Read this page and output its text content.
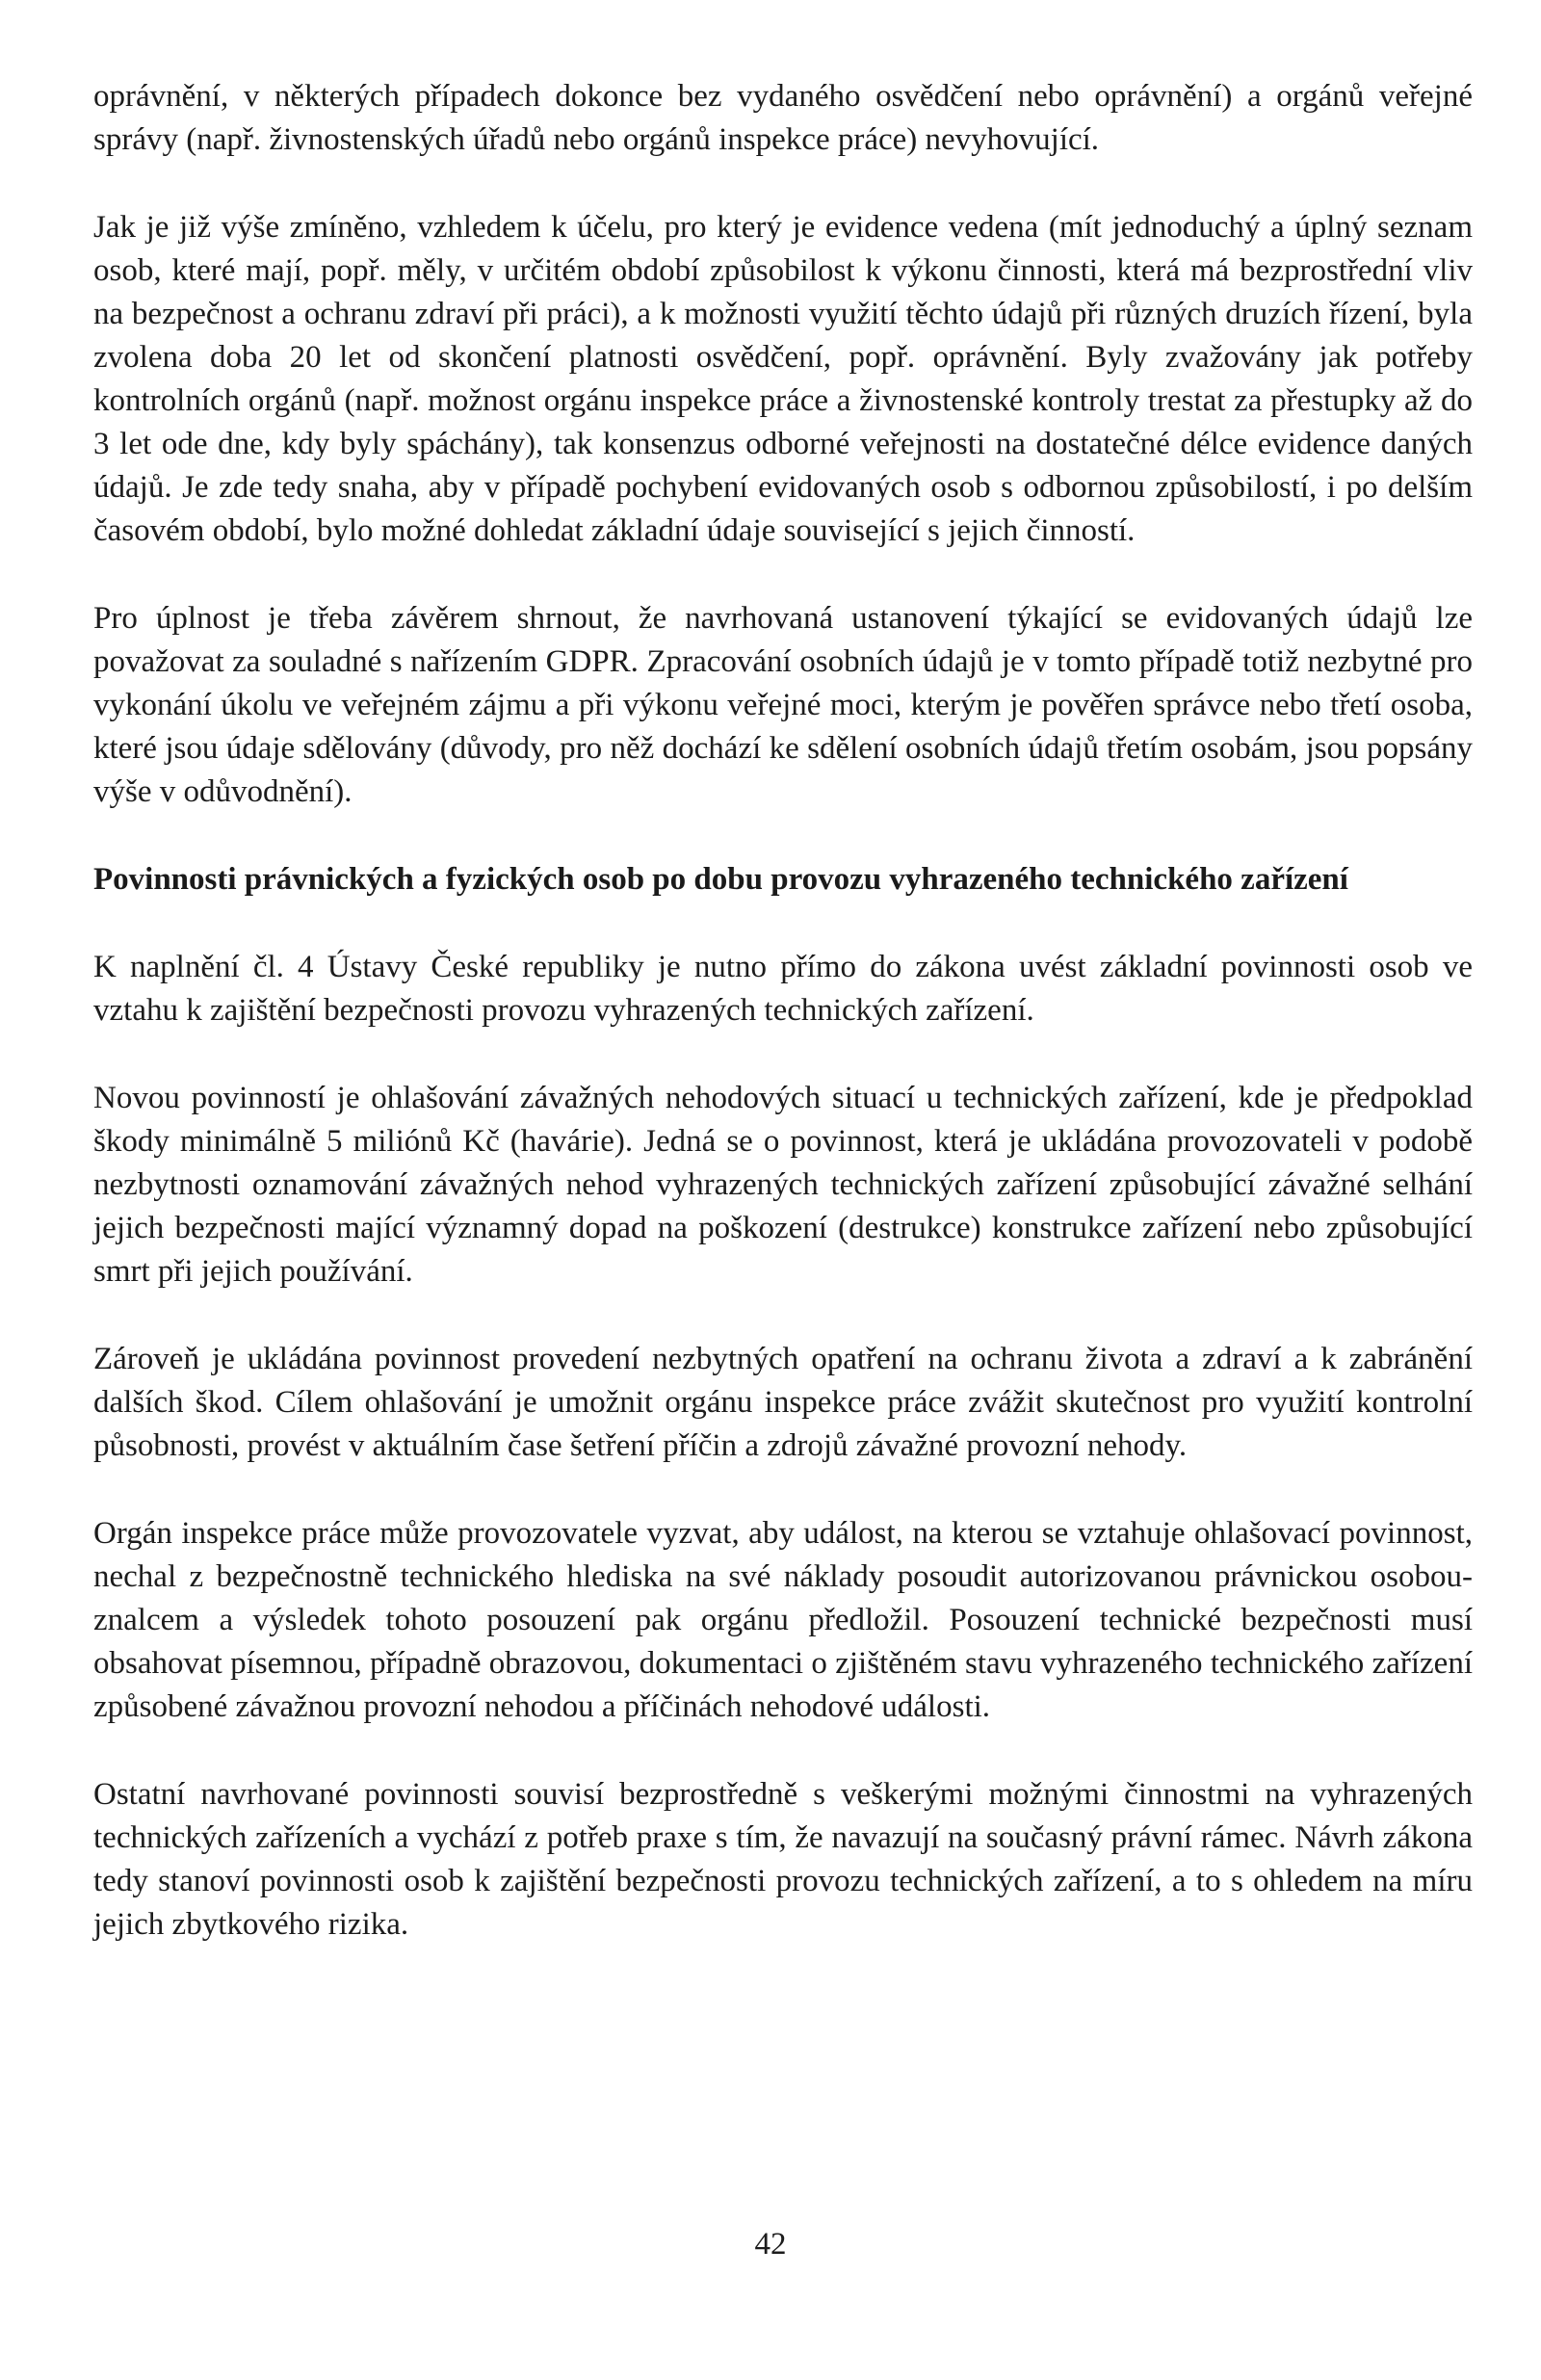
oprávnění, v některých případech dokonce bez vydaného osvědčení nebo oprávnění) a orgánů veřejné správy (např. živnostenských úřadů nebo orgánů inspekce práce) nevyhovující.

Jak je již výše zmíněno, vzhledem k účelu, pro který je evidence vedena (mít jednoduchý a úplný seznam osob, které mají, popř. měly, v určitém období způsobilost k výkonu činnosti, která má bezprostřední vliv na bezpečnost a ochranu zdraví při práci), a k možnosti využití těchto údajů při různých druzích řízení, byla zvolena doba 20 let od skončení platnosti osvědčení, popř. oprávnění. Byly zvažovány jak potřeby kontrolních orgánů (např. možnost orgánu inspekce práce a živnostenské kontroly trestat za přestupky až do 3 let ode dne, kdy byly spáchány), tak konsenzus odborné veřejnosti na dostatečné délce evidence daných údajů. Je zde tedy snaha, aby v případě pochybení evidovaných osob s odbornou způsobilostí, i po delším časovém období, bylo možné dohledat základní údaje související s jejich činností.

Pro úplnost je třeba závěrem shrnout, že navrhovaná ustanovení týkající se evidovaných údajů lze považovat za souladné s nařízením GDPR. Zpracování osobních údajů je v tomto případě totiž nezbytné pro vykonání úkolu ve veřejném zájmu a při výkonu veřejné moci, kterým je pověřen správce nebo třetí osoba, které jsou údaje sdělovány (důvody, pro něž dochází ke sdělení osobních údajů třetím osobám, jsou popsány výše v odůvodnění).

Povinnosti právnických a fyzických osob po dobu provozu vyhrazeného technického zařízení

K naplnění čl. 4 Ústavy České republiky je nutno přímo do zákona uvést základní povinnosti osob ve vztahu k zajištění bezpečnosti provozu vyhrazených technických zařízení.

Novou povinností je ohlašování závažných nehodových situací u technických zařízení, kde je předpoklad škody minimálně 5 miliónů Kč (havárie). Jedná se o povinnost, která je ukládána provozovateli v podobě nezbytnosti oznamování závažných nehod vyhrazených technických zařízení způsobující závažné selhání jejich bezpečnosti mající významný dopad na poškození (destrukce) konstrukce zařízení nebo způsobující smrt při jejich používání.

Zároveň je ukládána povinnost provedení nezbytných opatření na ochranu života a zdraví a k zabránění dalších škod. Cílem ohlašování je umožnit orgánu inspekce práce zvážit skutečnost pro využití kontrolní působnosti, provést v aktuálním čase šetření příčin a zdrojů závažné provozní nehody.

Orgán inspekce práce může provozovatele vyzvat, aby událost, na kterou se vztahuje ohlašovací povinnost, nechal z bezpečnostně technického hlediska na své náklady posoudit autorizovanou právnickou osobou-znalcem a výsledek tohoto posouzení pak orgánu předložil. Posouzení technické bezpečnosti musí obsahovat písemnou, případně obrazovou, dokumentaci o zjištěném stavu vyhrazeného technického zařízení způsobené závažnou provozní nehodou a příčinách nehodové události.

Ostatní navrhované povinnosti souvisí bezprostředně s veškerými možnými činnostmi na vyhrazených technických zařízeních a vychází z potřeb praxe s tím, že navazují na současný právní rámec. Návrh zákona tedy stanoví povinnosti osob k zajištění bezpečnosti provozu technických zařízení, a to s ohledem na míru jejich zbytkového rizika.

42
